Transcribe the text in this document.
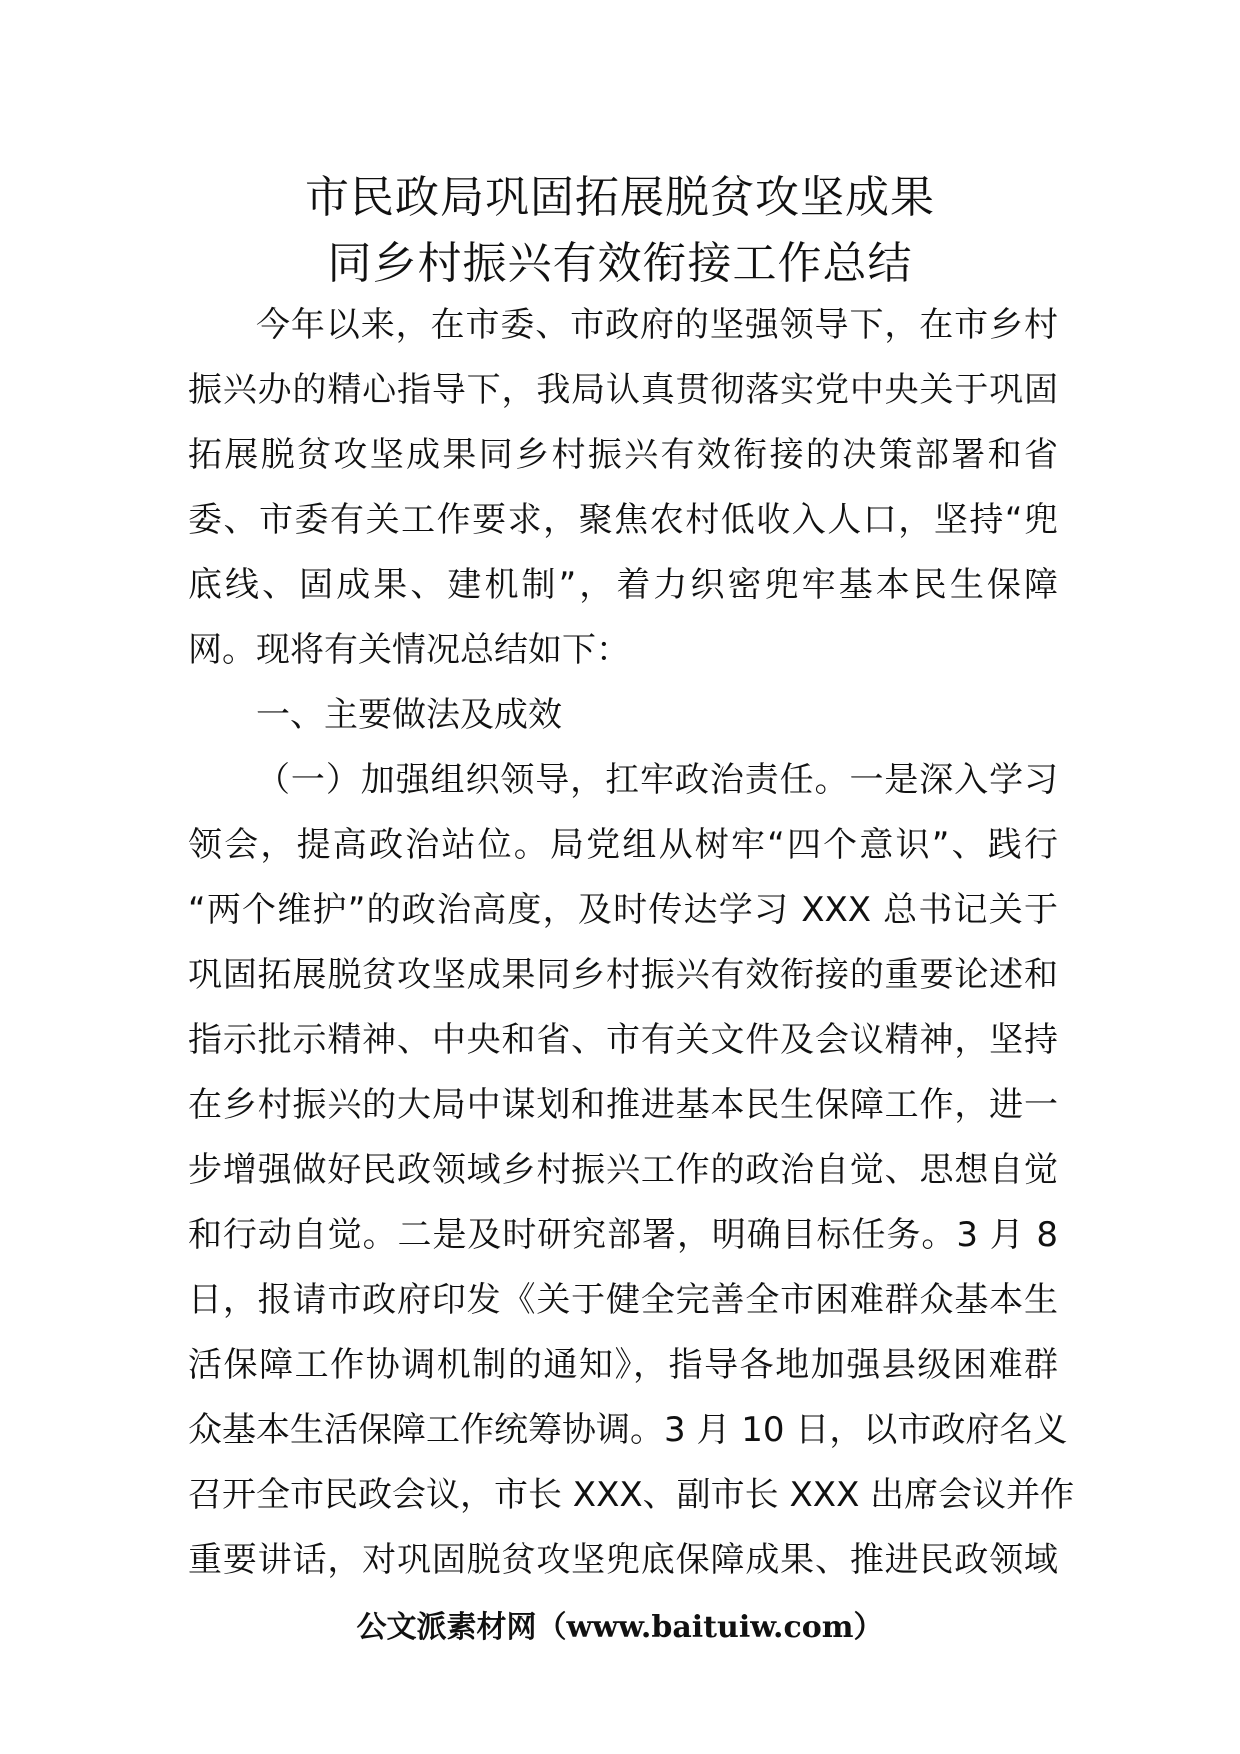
市民政局巩固拓展脱贫攻坚成果
同乡村振兴有效衔接工作总结
今年以来，在市委、市政府的坚强领导下，在市乡村
振兴办的精心指导下，我局认真贯彻落实党中央关于巩固
拓展脱贫攻坚成果同乡村振兴有效衔接的决策部署和省
委、市委有关工作要求，聚焦农村低收入人口，坚持“兜
底线、固成果、建机制”，着力织密兜牢基本民生保障
网。现将有关情况总结如下：
一、主要做法及成效
（一）加强组织领导，扛牢政治责任。一是深入学习
领会，提高政治站位。局党组从树牢“四个意识”、践行
“两个维护”的政治高度，及时传达学习 XXX 总书记关于
巩固拓展脱贫攻坚成果同乡村振兴有效衔接的重要论述和
指示批示精神、中央和省、市有关文件及会议精神，坚持
在乡村振兴的大局中谋划和推进基本民生保障工作，进一
步增强做好民政领域乡村振兴工作的政治自觉、思想自觉
和行动自觉。二是及时研究部署，明确目标任务。3 月 8
日，报请市政府印发《关于健全完善全市困难群众基本生
活保障工作协调机制的通知》，指导各地加强县级困难群
众基本生活保障工作统筹协调。3 月 10 日，以市政府名义
召开全市民政会议，市长 XXX、副市长 XXX 出席会议并作
重要讲话，对巩固脱贫攻坚兜底保障成果、推进民政领域
公文派素材网（www.baituiw.com）
